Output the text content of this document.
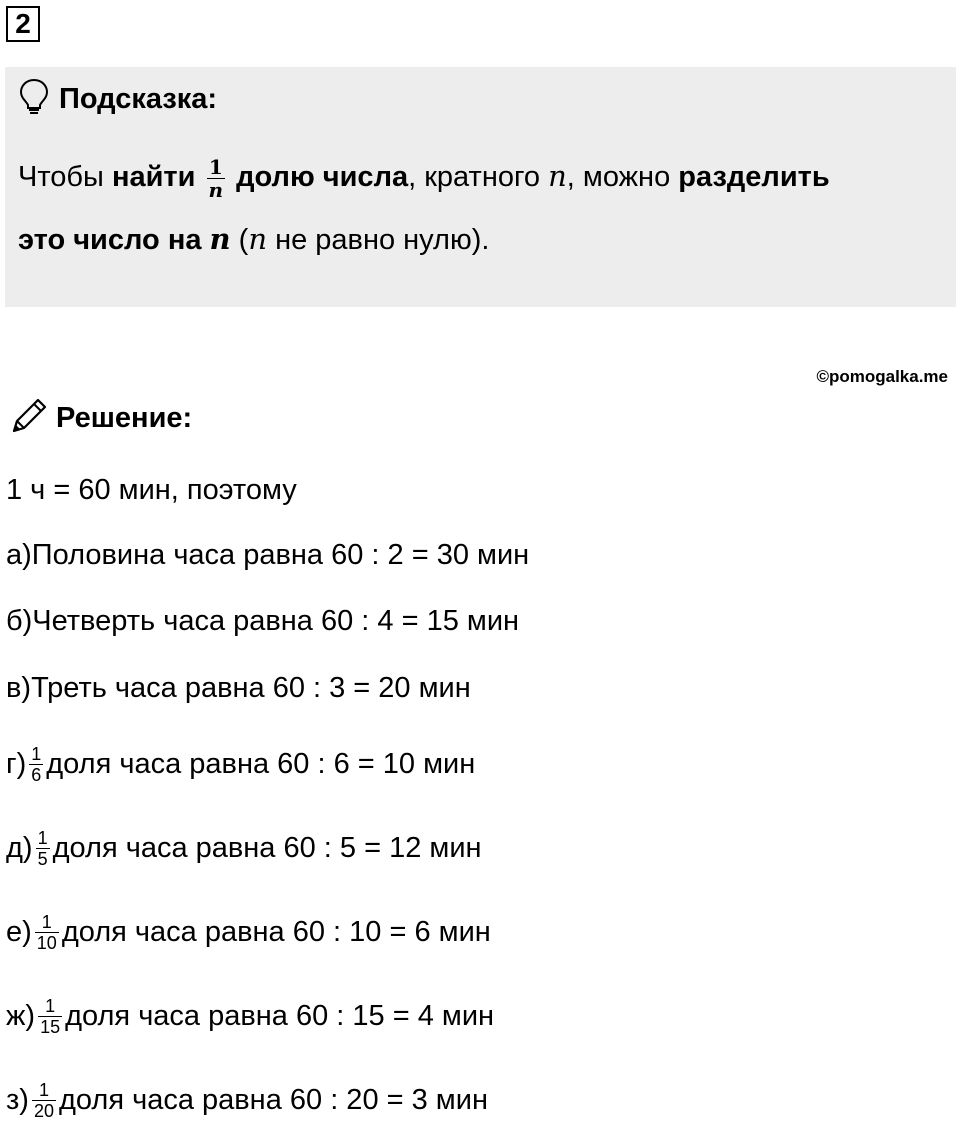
2
Подсказка:
Чтобы найти $\frac{1}{n}$ долю числа, кратного n, можно разделить
это число на n (n не равно нулю).
©pomogalka.me
Решение:
1 ч = 60 мин, поэтому
а) Половина часа равна 60 : 2 = 30 мин
б) Четверть часа равна 60 : 4 = 15 мин
в) Треть часа равна 60 : 3 = 20 мин
$г) \frac{1}{6}$ доля часа равна 60 : 6 = 10 мин
$д) \frac{1}{5}$ доля часа равна 60 : 5 = 12 мин
$е) \frac{1}{10}$ доля часа равна 60 : 10 = 6 мин
$ж) \frac{1}{15}$ доля часа равна 60 : 15 = 4 мин
$з) \frac{1}{20}$ доля часа равна 60 : 20 = 3 мин
